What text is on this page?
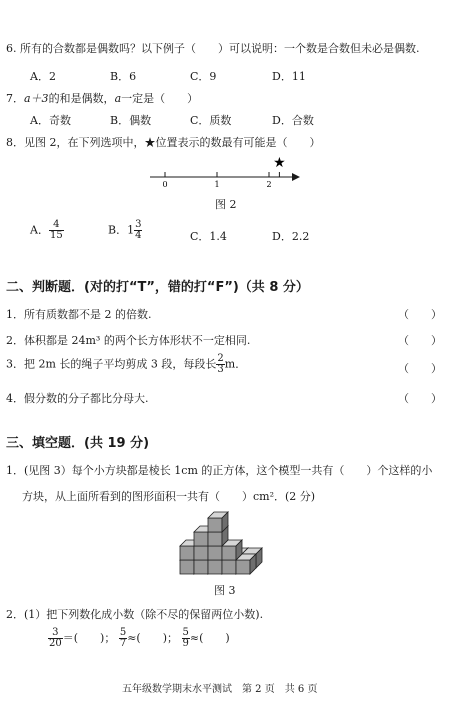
6. 所有的合数都是偶数吗？以下例子（　　）可以说明：一个数是合数但未必是偶数.
A．2	B．6	C．9	D．11
7．a＋3的和是偶数，a一定是（　　）
A．奇数	B．偶数	C．质数	D．合数
8．见图 2，在下列选项中，★位置表示的数最有可能是（　　）
0	1	2
★
图 2
A． $\frac{4}{15}$	B．$1 \frac{3}{4}$	C．1.4	D．2.2
二、判断题．(对的打“T”，错的打“F”)（共 8 分）
1．所有质数都不是 2 的倍数.	（　　）
2．体积都是 24m³ 的两个长方体形状不一定相同.	（　　）
3．把 2m 长的绳子平均剪成 3 段，每段长 $\frac{2}{3}$ m．	（　　）
4．假分数的分子都比分母大.	（　　）
三、填空题．(共 19 分)
1．(见图 3）每个小方块都是棱长 1cm 的正方体，这个模型一共有（　　）个这样的小
方块，从上面所看到的图形面积一共有（　　）cm²．(2 分)
图 3
2．(1）把下列数化成小数（除不尽的保留两位小数).
$\frac{3}{20}$ ＝(　　)； $\frac{5}{7}$ ≈(　　)； $\frac{5}{9}$ ≈(　　)
五年级数学期末水平测试　第 2 页　共 6 页
